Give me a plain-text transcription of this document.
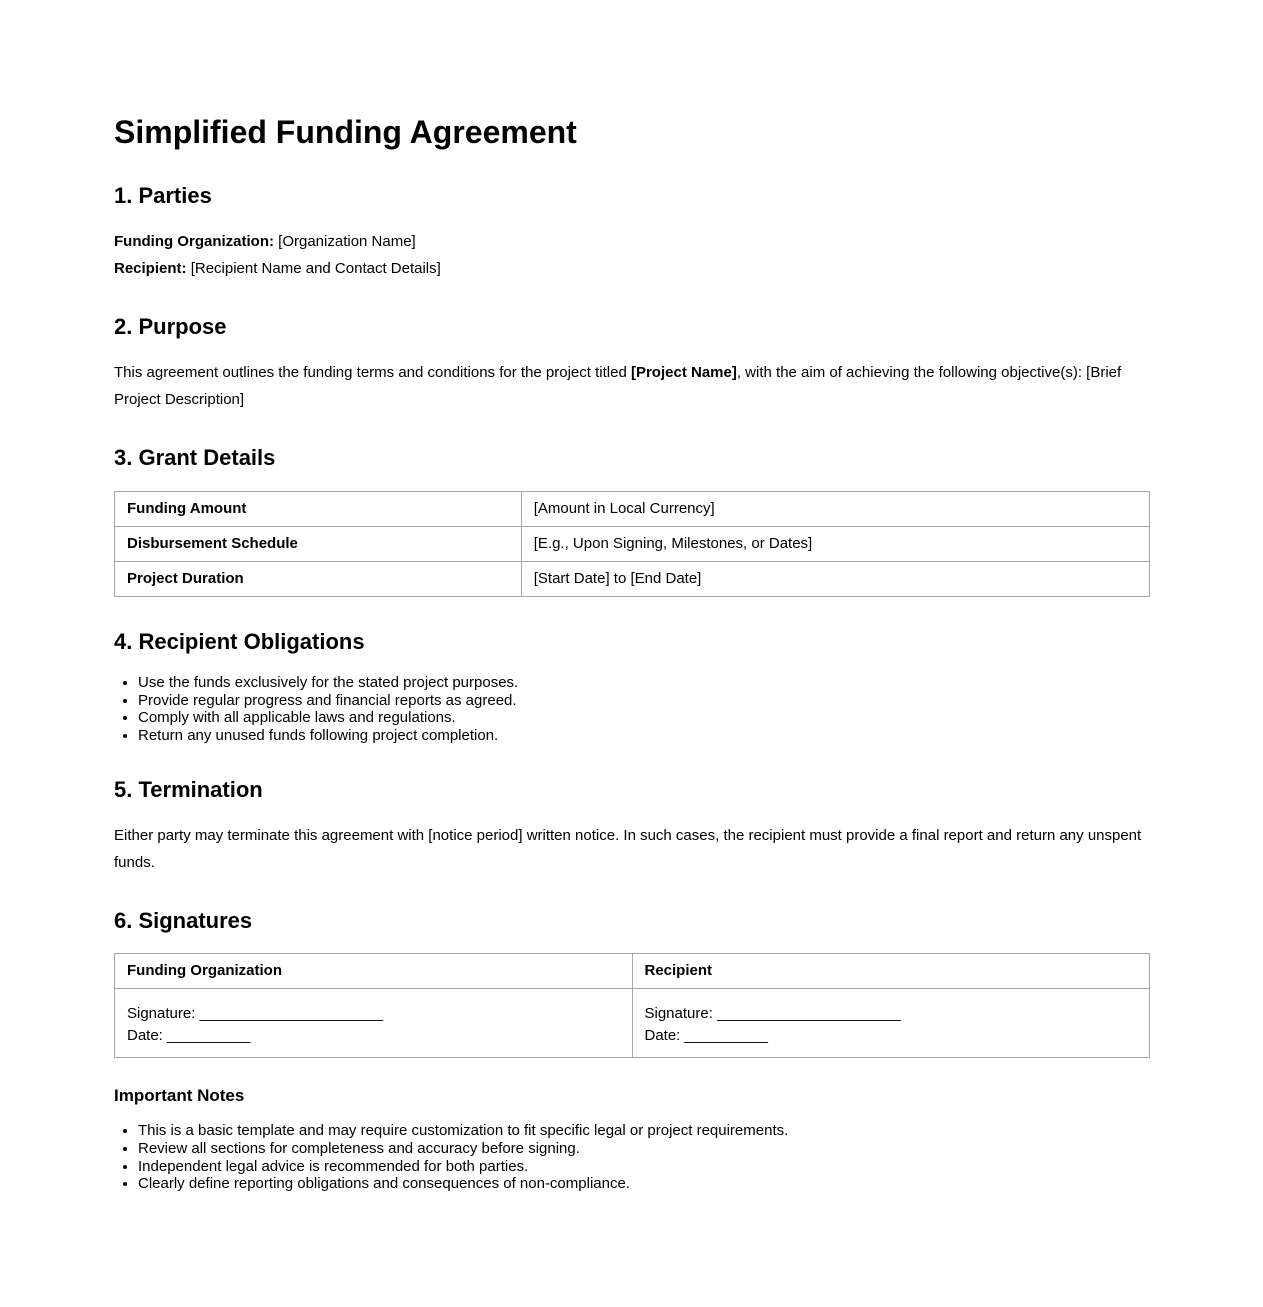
Simplified Funding Agreement
1. Parties

Funding Organization: [Organization Name]
Recipient: [Recipient Name and Contact Details]

2. Purpose

This agreement outlines the funding terms and conditions for the project titled [Project Name], with the aim of achieving the following objective(s): [Brief Project Description]

3. Grant Details
Funding Amount	[Amount in Local Currency]
Disbursement Schedule	[E.g., Upon Signing, Milestones, or Dates]
Project Duration	[Start Date] to [End Date]
4. Recipient Obligations
• Use the funds exclusively for the stated project purposes.
• Provide regular progress and financial reports as agreed.
• Comply with all applicable laws and regulations.
• Return any unused funds following project completion.
5. Termination

Either party may terminate this agreement with [notice period] written notice. In such cases, the recipient must provide a final report and return any unspent funds.

6. Signatures
Funding Organization	Recipient
Signature: ______________________
Date: __________	Signature: ______________________
Date: __________
Important Notes
• This is a basic template and may require customization to fit specific legal or project requirements.
• Review all sections for completeness and accuracy before signing.
• Independent legal advice is recommended for both parties.
• Clearly define reporting obligations and consequences of non-compliance.
